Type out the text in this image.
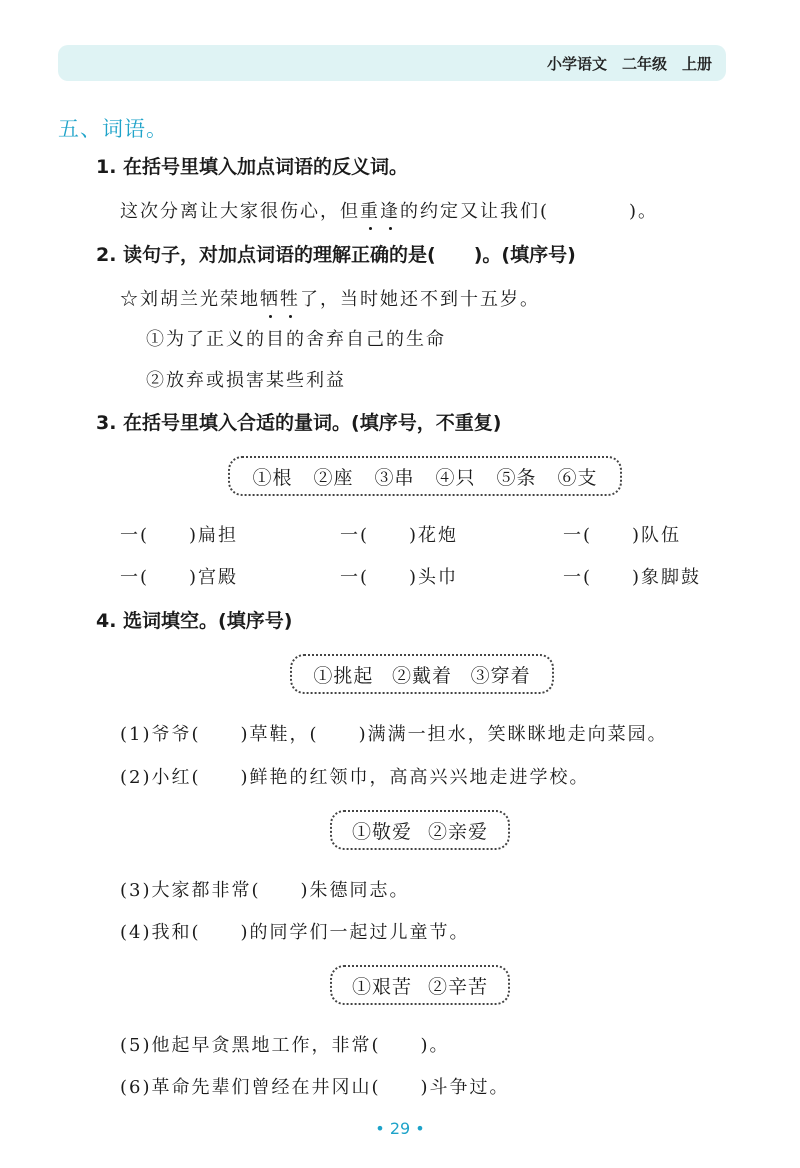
小学语文　二年级　上册
五、词语。
1. 在括号里填入加点词语的反义词。
这次分离让大家很伤心，但重逢的约定又让我们(	)。
2. 读句子，对加点词语的理解正确的是(　　)。(填序号)
☆刘胡兰光荣地牺牲了，当时她还不到十五岁。
①为了正义的目的舍弃自己的生命
②放弃或损害某些利益
3. 在括号里填入合适的量词。(填序号，不重复)
①根	②座	③串	④只	⑤条	⑥支
一(　　)扁担	一(　　)花炮	一(　　)队伍
一(　　)宫殿	一(　　)头巾	一(　　)象脚鼓
4. 选词填空。(填序号)
①挑起 ②戴着 ③穿着
(1)爷爷(　　)草鞋，(　　)满满一担水，笑眯眯地走向菜园。
(2)小红(　　)鲜艳的红领巾，高高兴兴地走进学校。
①敬爱 ②亲爱
(3)大家都非常(　　)朱德同志。
(4)我和(　　)的同学们一起过儿童节。
①艰苦 ②辛苦
(5)他起早贪黑地工作，非常(　　)。
(6)革命先辈们曾经在井冈山(　　)斗争过。
• 29 •
